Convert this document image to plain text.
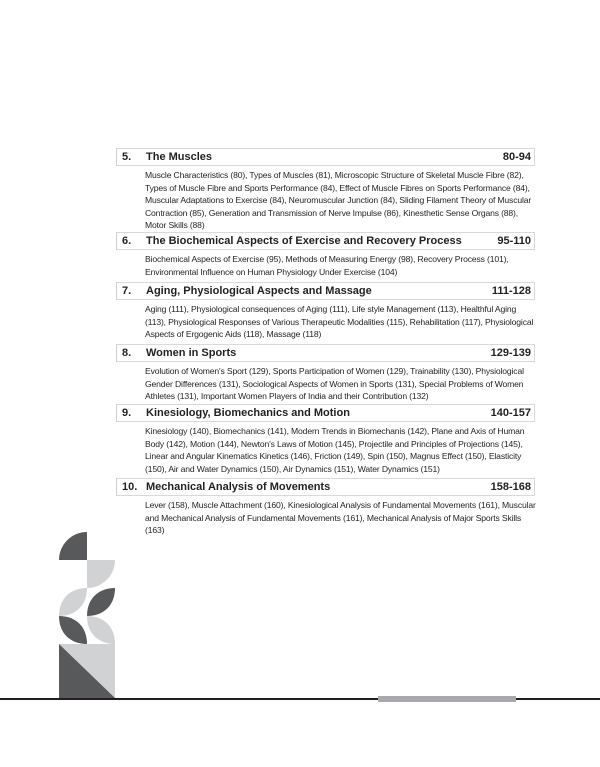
5.	The Muscles	80-94
Muscle Characteristics (80), Types of Muscles (81), Microscopic Structure of Skeletal Muscle Fibre (82), Types of Muscle Fibre and Sports Performance (84), Effect of Muscle Fibres on Sports Performance (84), Muscular Adaptations to Exercise (84), Neuromuscular Junction (84), Sliding Filament Theory of Muscular Contraction (85), Generation and Transmission of Nerve Impulse (86), Kinesthetic Sense Organs (88), Motor Skills (88)
6.	The Biochemical Aspects of Exercise and Recovery Process	95-110
Biochemical Aspects of Exercise (95), Methods of Measuring Energy (98), Recovery Process (101), Environmental Influence on Human Physiology Under Exercise (104)
7.	Aging, Physiological Aspects and Massage	111-128
Aging (111), Physiological consequences of Aging (111), Life style Management (113), Healthful Aging (113), Physiological Responses of Various Therapeutic Modalities (115), Rehabilitation (117), Physiological Aspects of Ergogenic Aids (118), Massage (118)
8.	Women in Sports	129-139
Evolution of Women's Sport (129), Sports Participation of Women (129), Trainability (130), Physiological Gender Differences (131), Sociological Aspects of Women in Sports (131), Special Problems of Women Athletes (131), Important Women Players of India and their Contribution (132)
9.	Kinesiology, Biomechanics and Motion	140-157
Kinesiology (140), Biomechanics (141), Modern Trends in Biomechanis (142), Plane and Axis of Human Body (142), Motion (144), Newton's Laws of Motion (145), Projectile and Principles of Projections (145), Linear and Angular Kinematics Kinetics (146), Friction (149), Spin (150), Magnus Effect (150), Elasticity (150), Air and Water Dynamics (150), Air Dynamics (151), Water Dynamics (151)
10. Mechanical Analysis of Movements	158-168
Lever (158), Muscle Attachment (160), Kinesiological Analysis of Fundamental Movements (161), Muscular and Mechanical Analysis of Fundamental Movements (161), Mechanical Analysis of Major Sports Skills (163)
